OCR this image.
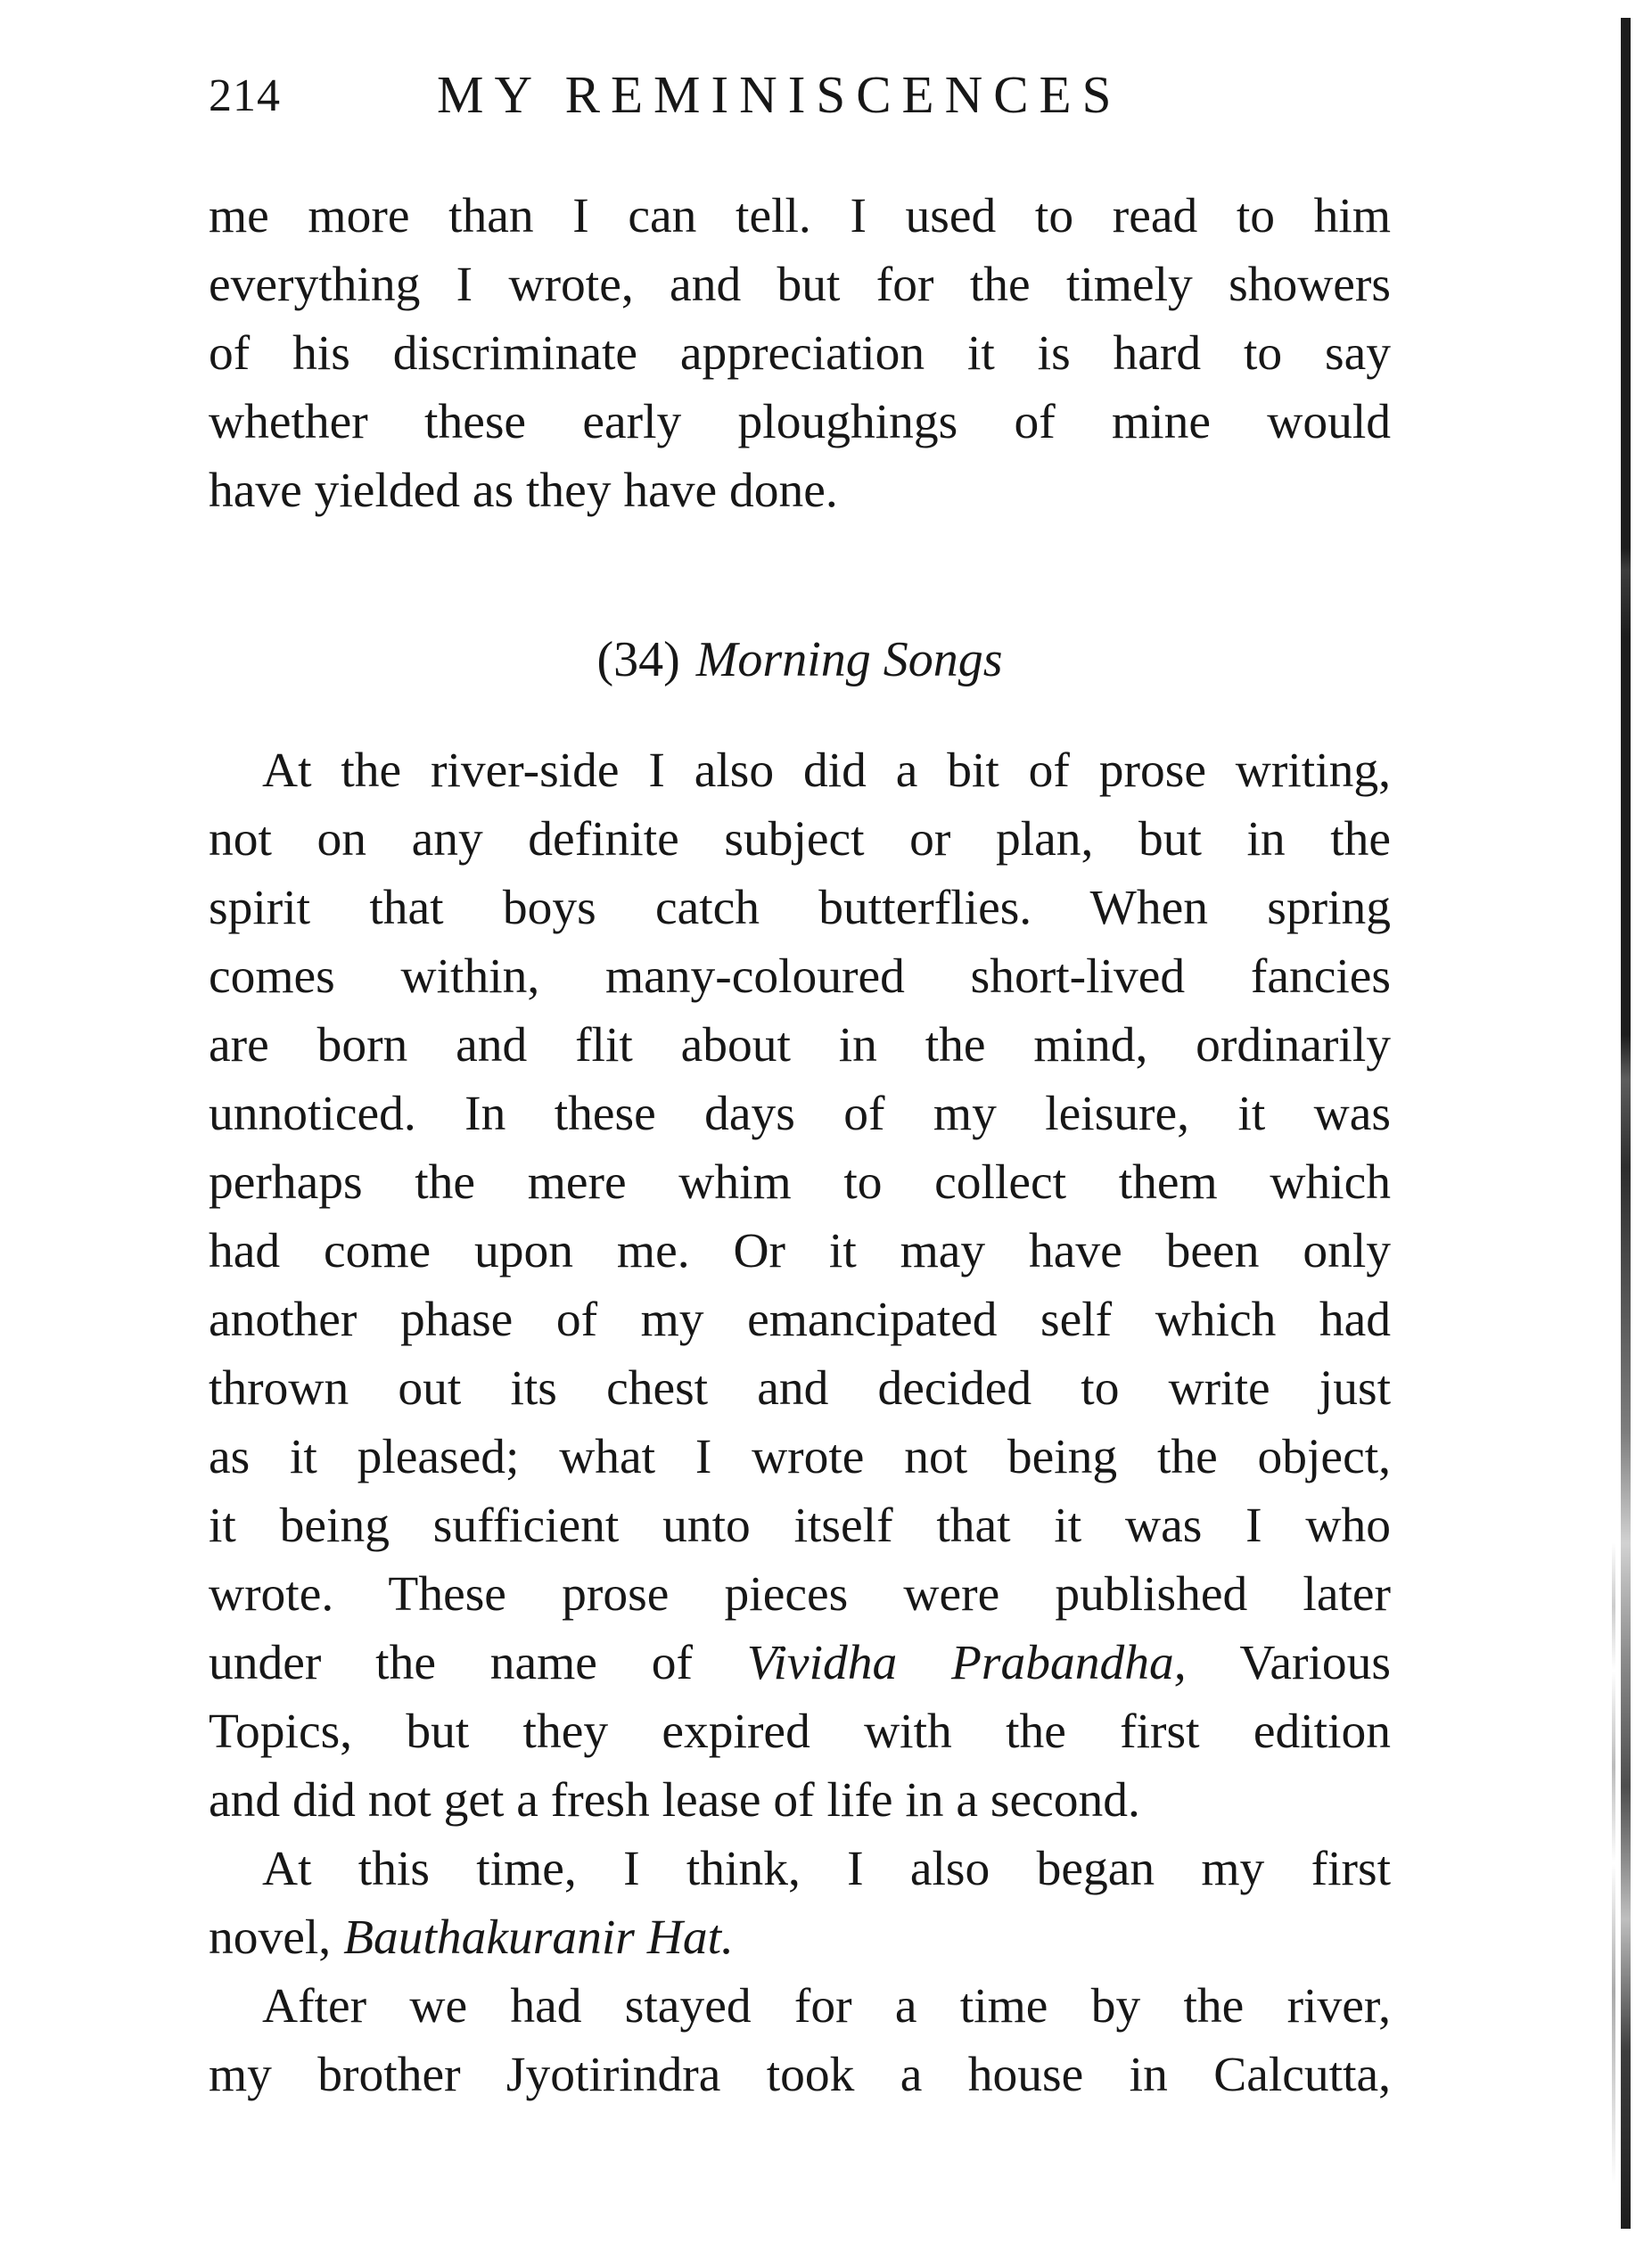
214	MY REMINISCENCES
me more than I can tell. I used to read to him
everything I wrote, and but for the timely showers
of his discriminate appreciation it is hard to say
whether these early ploughings of mine would
have yielded as they have done.
(34) Morning Songs
At the river-side I also did a bit of prose writing,
not on any definite subject or plan, but in the
spirit that boys catch butterflies. When spring
comes within, many-coloured short-lived fancies
are born and flit about in the mind, ordinarily
unnoticed. In these days of my leisure, it was
perhaps the mere whim to collect them which
had come upon me. Or it may have been only
another phase of my emancipated self which had
thrown out its chest and decided to write just
as it pleased; what I wrote not being the object,
it being sufficient unto itself that it was I who
wrote. These prose pieces were published later
under the name of Vividha Prabandha, Various
Topics, but they expired with the first edition
and did not get a fresh lease of life in a second.
At this time, I think, I also began my first
novel, Bauthakuranir Hat.
After we had stayed for a time by the river,
my brother Jyotirindra took a house in Calcutta,
